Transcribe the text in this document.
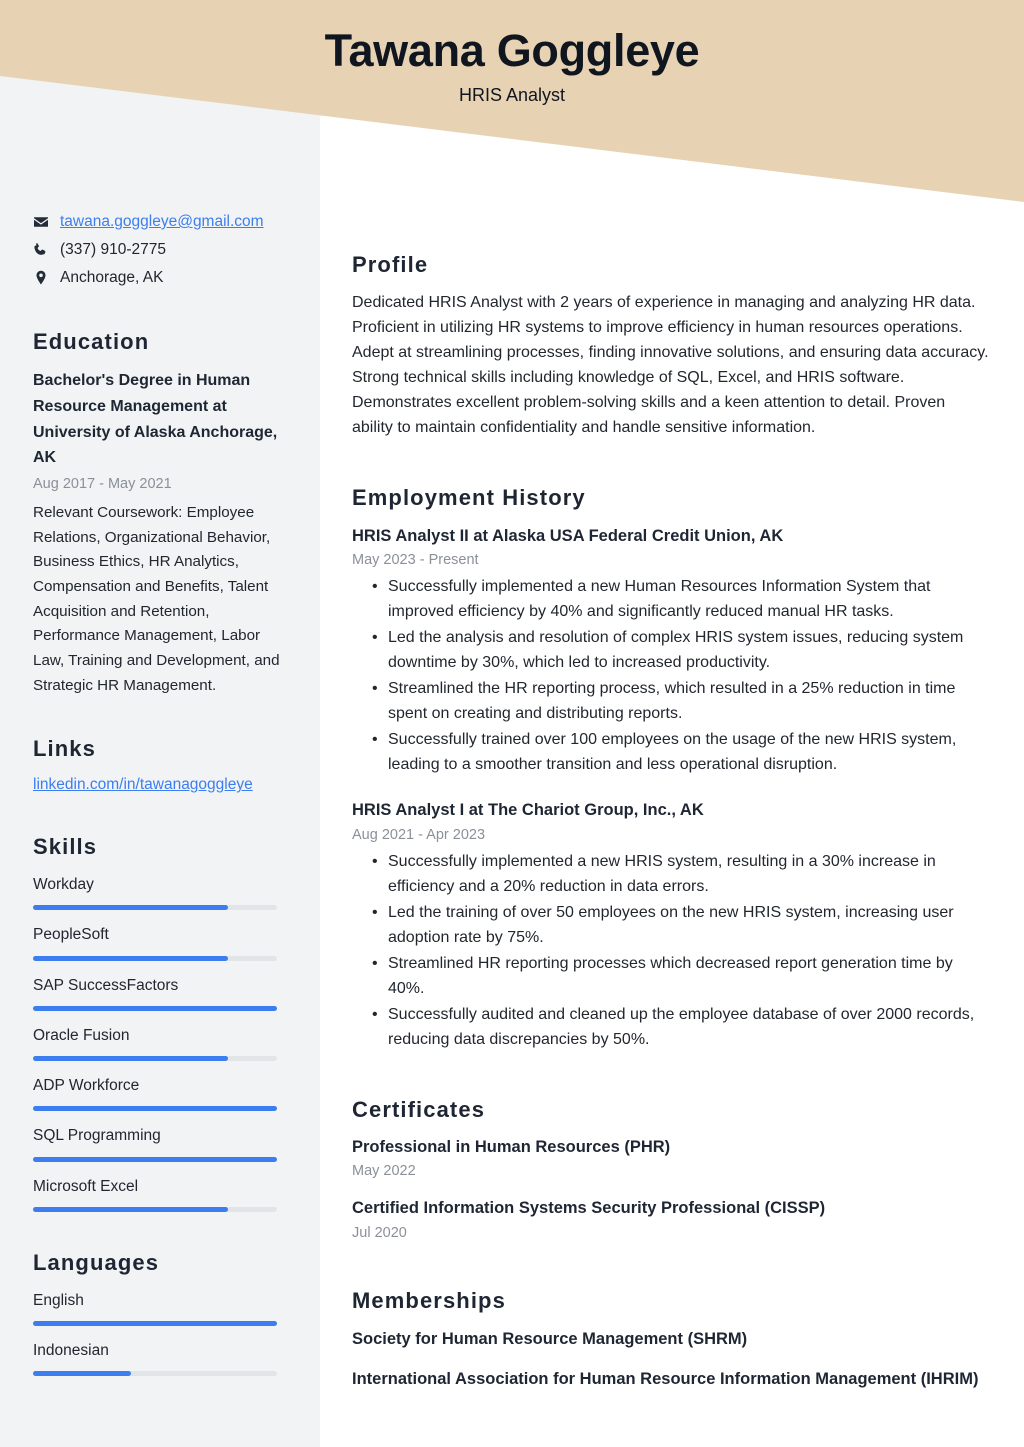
Tawana Goggleye
HRIS Analyst
tawana.goggleye@gmail.com
(337) 910-2775
Anchorage, AK
Education
Bachelor's Degree in Human Resource Management at University of Alaska Anchorage, AK
Aug 2017 - May 2021
Relevant Coursework: Employee Relations, Organizational Behavior, Business Ethics, HR Analytics, Compensation and Benefits, Talent Acquisition and Retention, Performance Management, Labor Law, Training and Development, and Strategic HR Management.
Links
linkedin.com/in/tawanagoggleye
Skills
Workday
PeopleSoft
SAP SuccessFactors
Oracle Fusion
ADP Workforce
SQL Programming
Microsoft Excel
Languages
English
Indonesian
Profile
Dedicated HRIS Analyst with 2 years of experience in managing and analyzing HR data. Proficient in utilizing HR systems to improve efficiency in human resources operations. Adept at streamlining processes, finding innovative solutions, and ensuring data accuracy. Strong technical skills including knowledge of SQL, Excel, and HRIS software. Demonstrates excellent problem-solving skills and a keen attention to detail. Proven ability to maintain confidentiality and handle sensitive information.
Employment History
HRIS Analyst II at Alaska USA Federal Credit Union, AK
May 2023 - Present
• Successfully implemented a new Human Resources Information System that improved efficiency by 40% and significantly reduced manual HR tasks.
• Led the analysis and resolution of complex HRIS system issues, reducing system downtime by 30%, which led to increased productivity.
• Streamlined the HR reporting process, which resulted in a 25% reduction in time spent on creating and distributing reports.
• Successfully trained over 100 employees on the usage of the new HRIS system, leading to a smoother transition and less operational disruption.
HRIS Analyst I at The Chariot Group, Inc., AK
Aug 2021 - Apr 2023
• Successfully implemented a new HRIS system, resulting in a 30% increase in efficiency and a 20% reduction in data errors.
• Led the training of over 50 employees on the new HRIS system, increasing user adoption rate by 75%.
• Streamlined HR reporting processes which decreased report generation time by 40%.
• Successfully audited and cleaned up the employee database of over 2000 records, reducing data discrepancies by 50%.
Certificates
Professional in Human Resources (PHR)
May 2022
Certified Information Systems Security Professional (CISSP)
Jul 2020
Memberships
Society for Human Resource Management (SHRM)
International Association for Human Resource Information Management (IHRIM)
